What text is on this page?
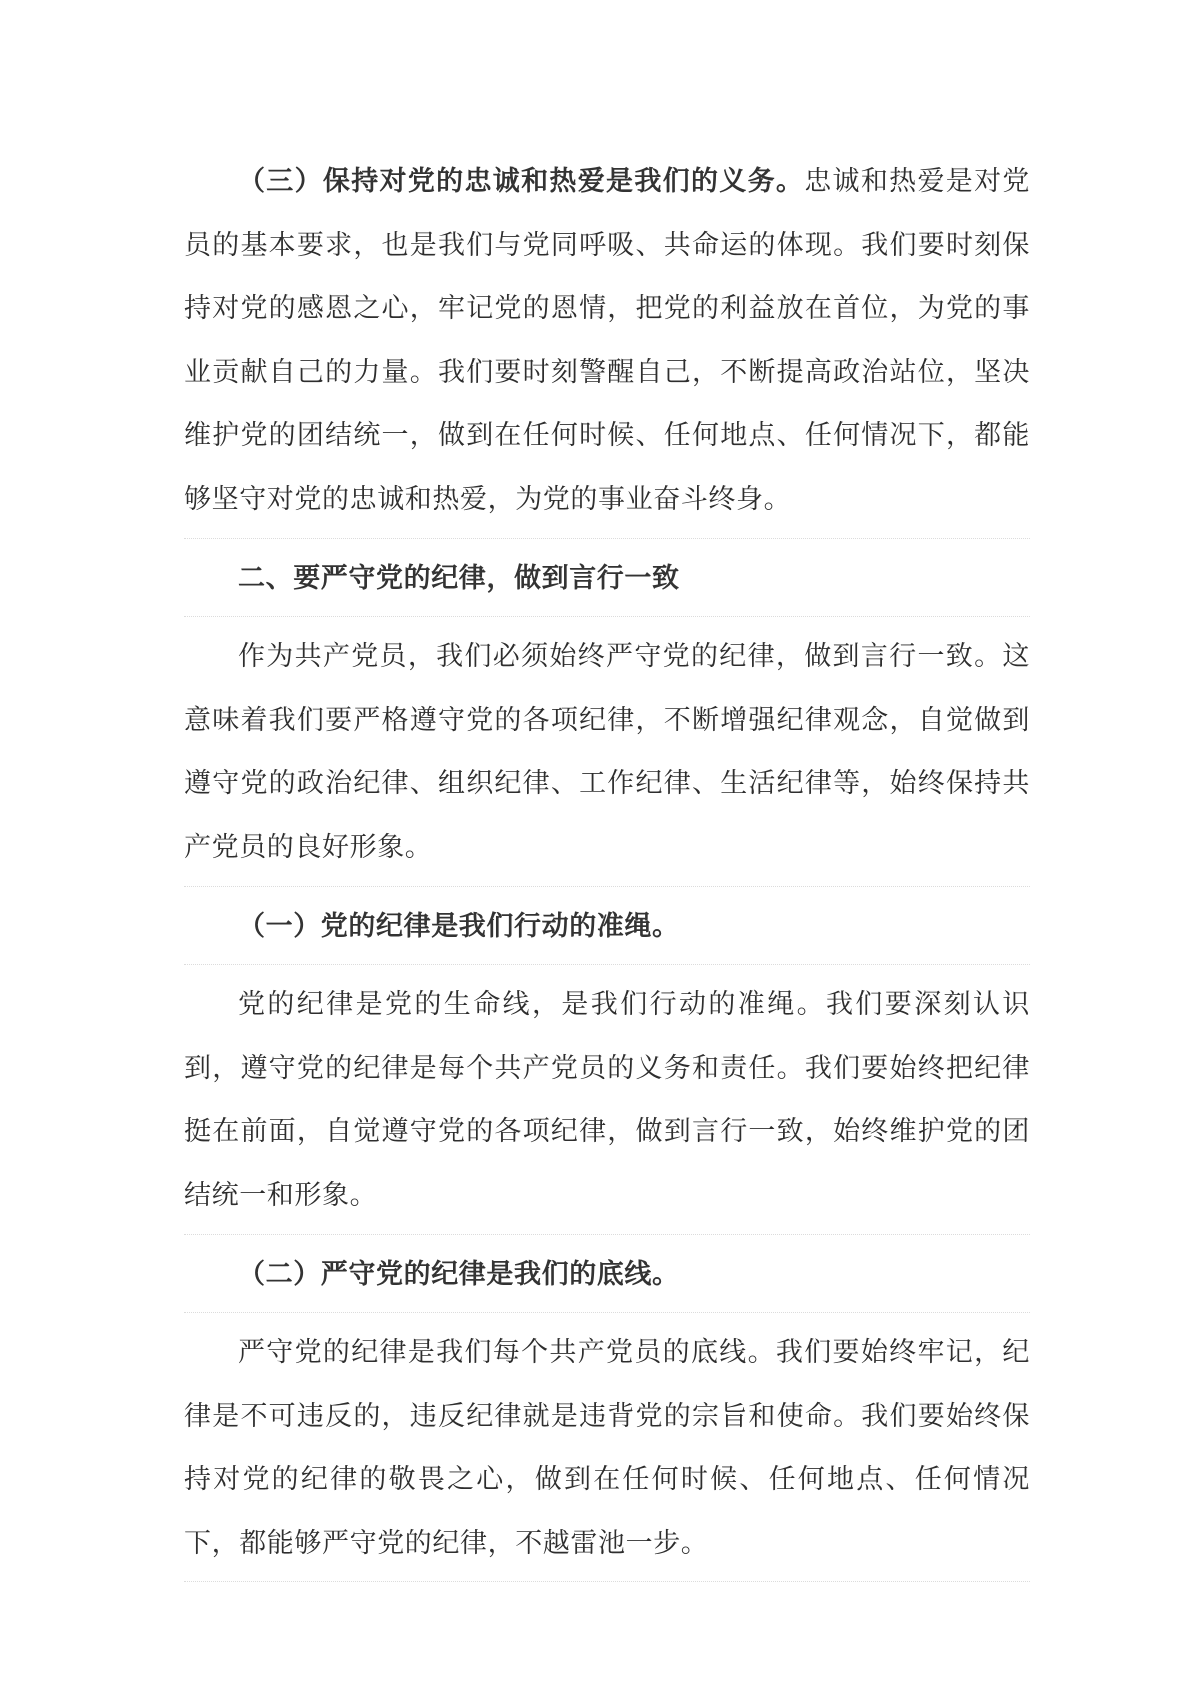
（三）保持对党的忠诚和热爱是我们的义务。忠诚和热爱是对党员的基本要求，也是我们与党同呼吸、共命运的体现。我们要时刻保持对党的感恩之心，牢记党的恩情，把党的利益放在首位，为党的事业贡献自己的力量。我们要时刻警醒自己，不断提高政治站位，坚决维护党的团结统一，做到在任何时候、任何地点、任何情况下，都能够坚守对党的忠诚和热爱，为党的事业奋斗终身。

二、要严守党的纪律，做到言行一致

作为共产党员，我们必须始终严守党的纪律，做到言行一致。这意味着我们要严格遵守党的各项纪律，不断增强纪律观念，自觉做到遵守党的政治纪律、组织纪律、工作纪律、生活纪律等，始终保持共产党员的良好形象。

（一）党的纪律是我们行动的准绳。

党的纪律是党的生命线，是我们行动的准绳。我们要深刻认识到，遵守党的纪律是每个共产党员的义务和责任。我们要始终把纪律挺在前面，自觉遵守党的各项纪律，做到言行一致，始终维护党的团结统一和形象。

（二）严守党的纪律是我们的底线。

严守党的纪律是我们每个共产党员的底线。我们要始终牢记，纪律是不可违反的，违反纪律就是违背党的宗旨和使命。我们要始终保持对党的纪律的敬畏之心，做到在任何时候、任何地点、任何情况下，都能够严守党的纪律，不越雷池一步。
